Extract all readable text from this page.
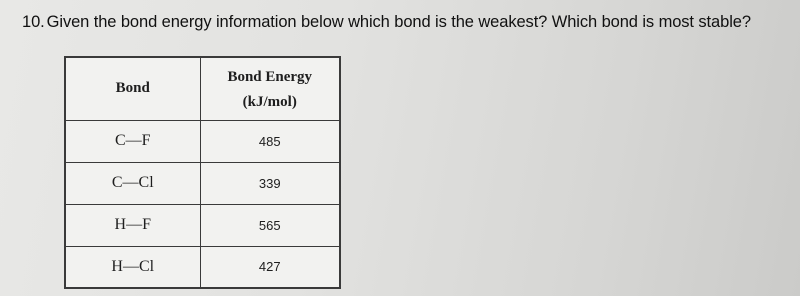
10. Given the bond energy information below which bond is the weakest? Which bond is most stable?
Bond	Bond Energy
(kJ/mol)

C—F	485
C—Cl	339
H—F	565
H—Cl	427
